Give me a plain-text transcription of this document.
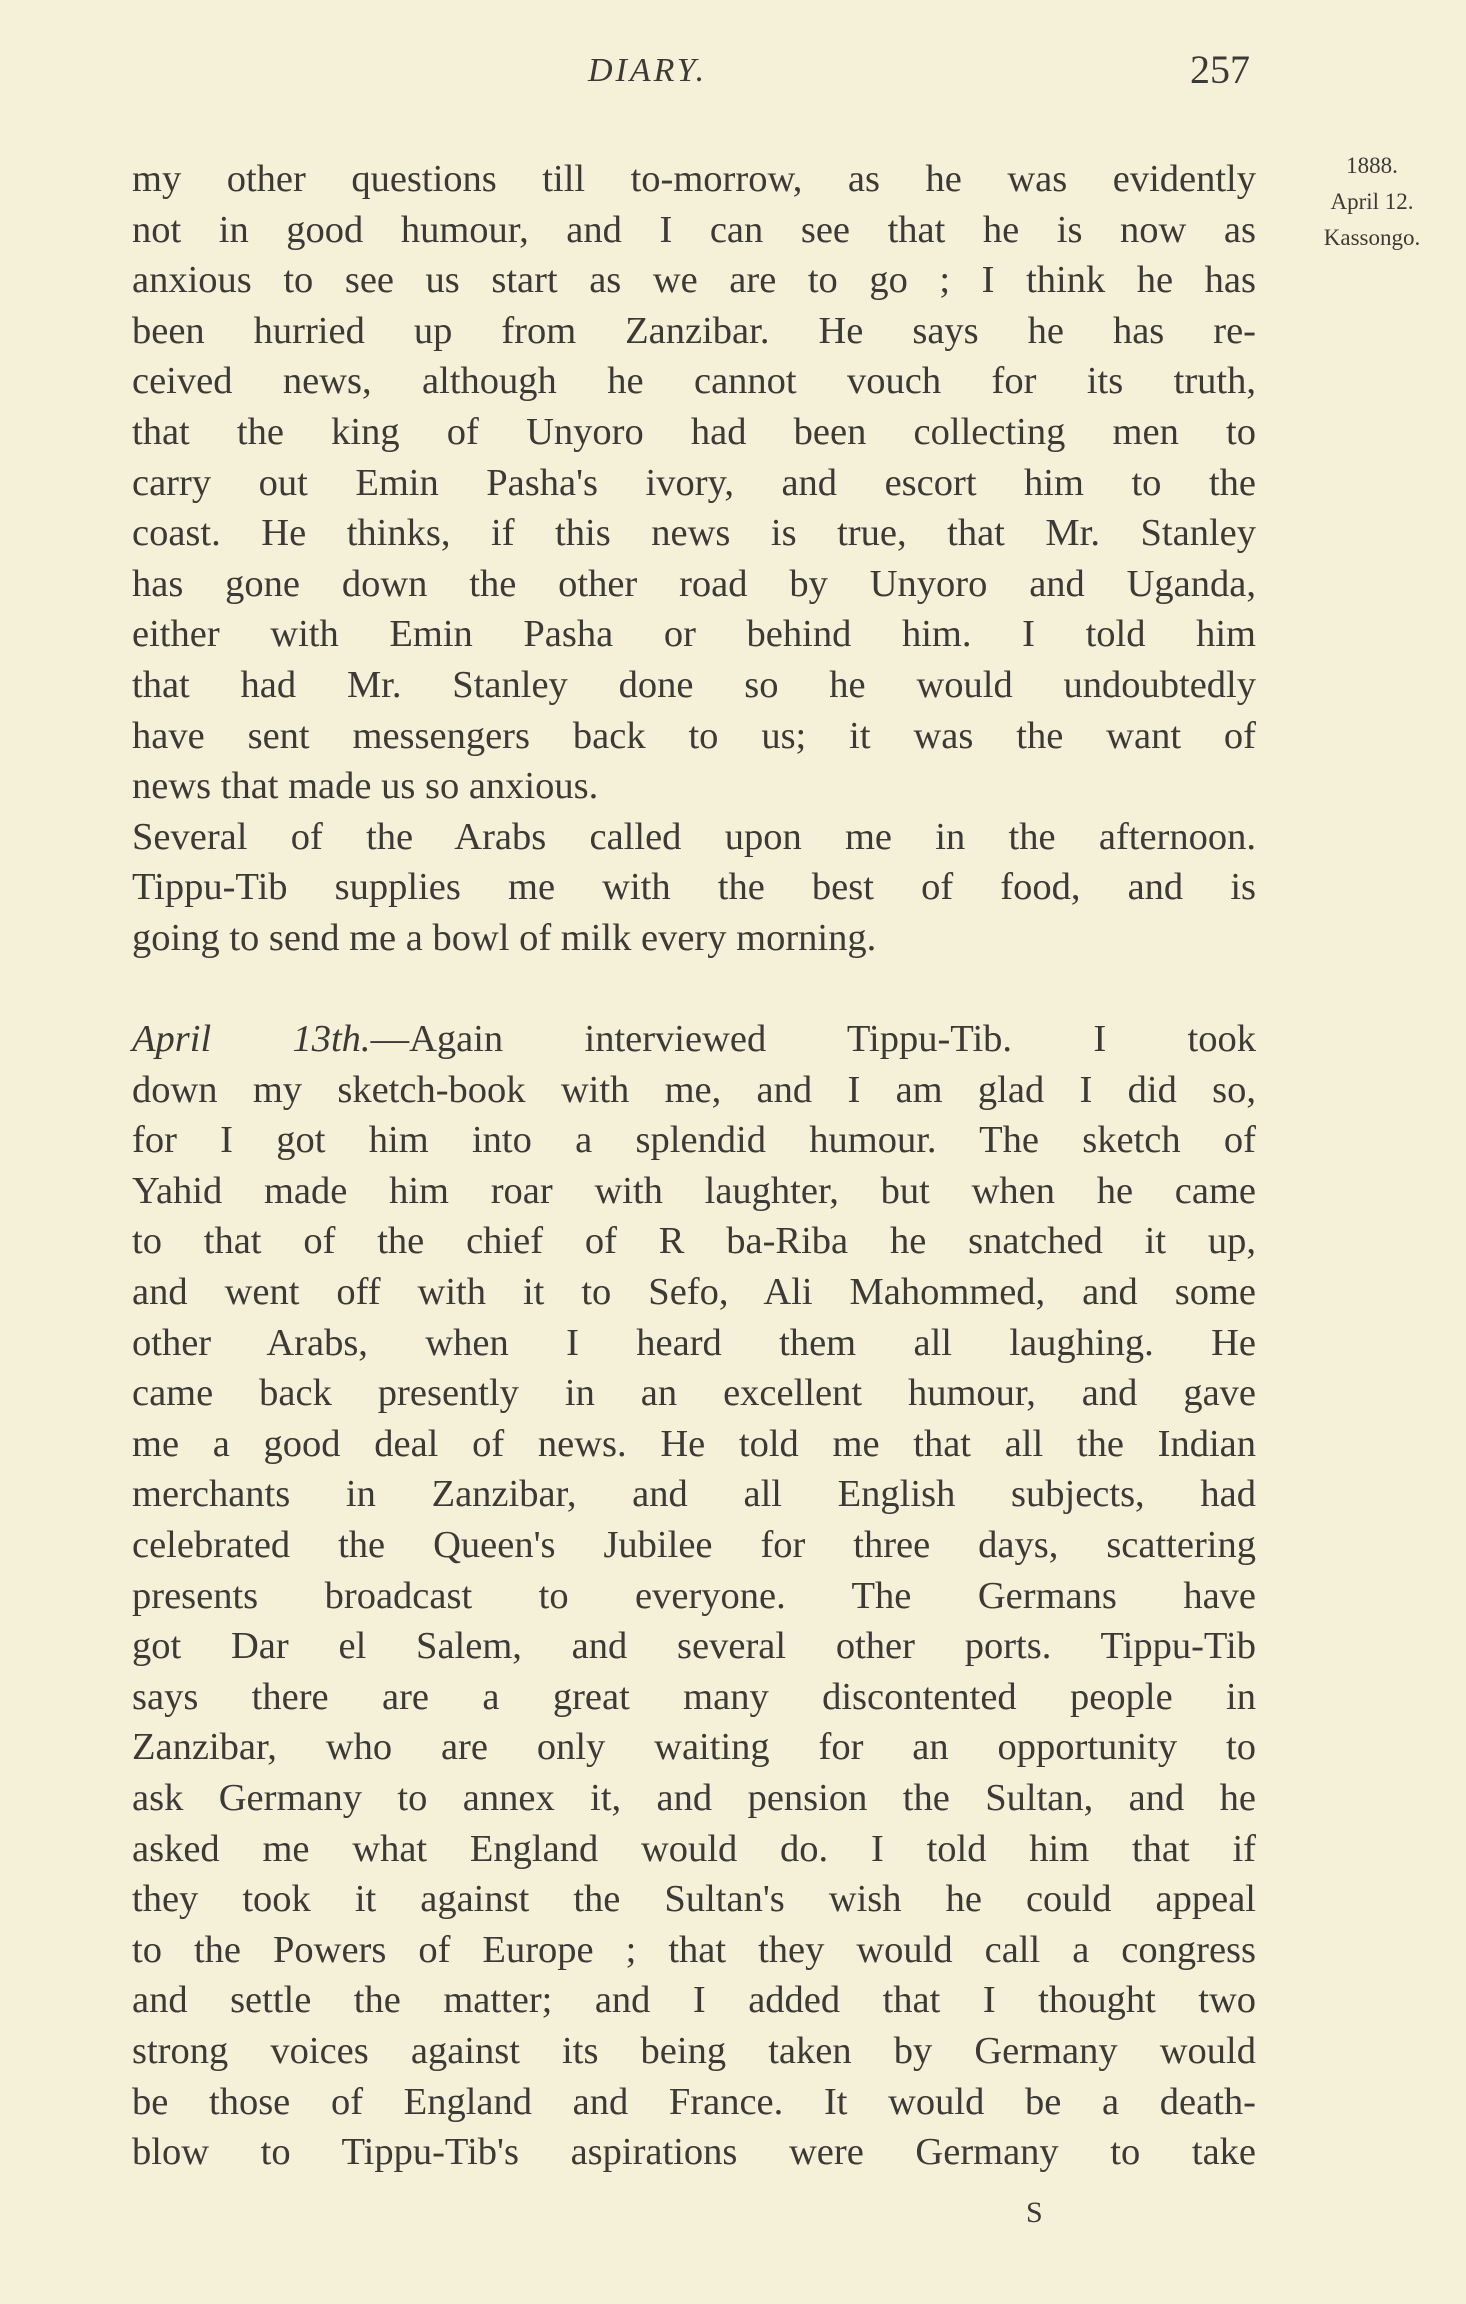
DIARY.	257
1888.
April 12.
Kassongo.
my other questions till to-morrow, as he was evidently
not in good humour, and I can see that he is now as
anxious to see us start as we are to go ; I think he has
been hurried up from Zanzibar. He says he has re-
ceived news, although he cannot vouch for its truth,
that the king of Unyoro had been collecting men to
carry out Emin Pasha's ivory, and escort him to the
coast. He thinks, if this news is true, that Mr. Stanley
has gone down the other road by Unyoro and Uganda,
either with Emin Pasha or behind him. I told him
that had Mr. Stanley done so he would undoubtedly
have sent messengers back to us; it was the want of
news that made us so anxious.
Several of the Arabs called upon me in the afternoon.
Tippu-Tib supplies me with the best of food, and is
going to send me a bowl of milk every morning.
April 13th.—Again interviewed Tippu-Tib. I took
down my sketch-book with me, and I am glad I did so,
for I got him into a splendid humour. The sketch of
Yahid made him roar with laughter, but when he came
to that of the chief of R ba-Riba he snatched it up,
and went off with it to Sefo, Ali Mahommed, and some
other Arabs, when I heard them all laughing. He
came back presently in an excellent humour, and gave
me a good deal of news. He told me that all the Indian
merchants in Zanzibar, and all English subjects, had
celebrated the Queen's Jubilee for three days, scattering
presents broadcast to everyone. The Germans have
got Dar el Salem, and several other ports. Tippu-Tib
says there are a great many discontented people in
Zanzibar, who are only waiting for an opportunity to
ask Germany to annex it, and pension the Sultan, and he
asked me what England would do. I told him that if
they took it against the Sultan's wish he could appeal
to the Powers of Europe ; that they would call a congress
and settle the matter; and I added that I thought two
strong voices against its being taken by Germany would
be those of England and France. It would be a death-
blow to Tippu-Tib's aspirations were Germany to take
S
